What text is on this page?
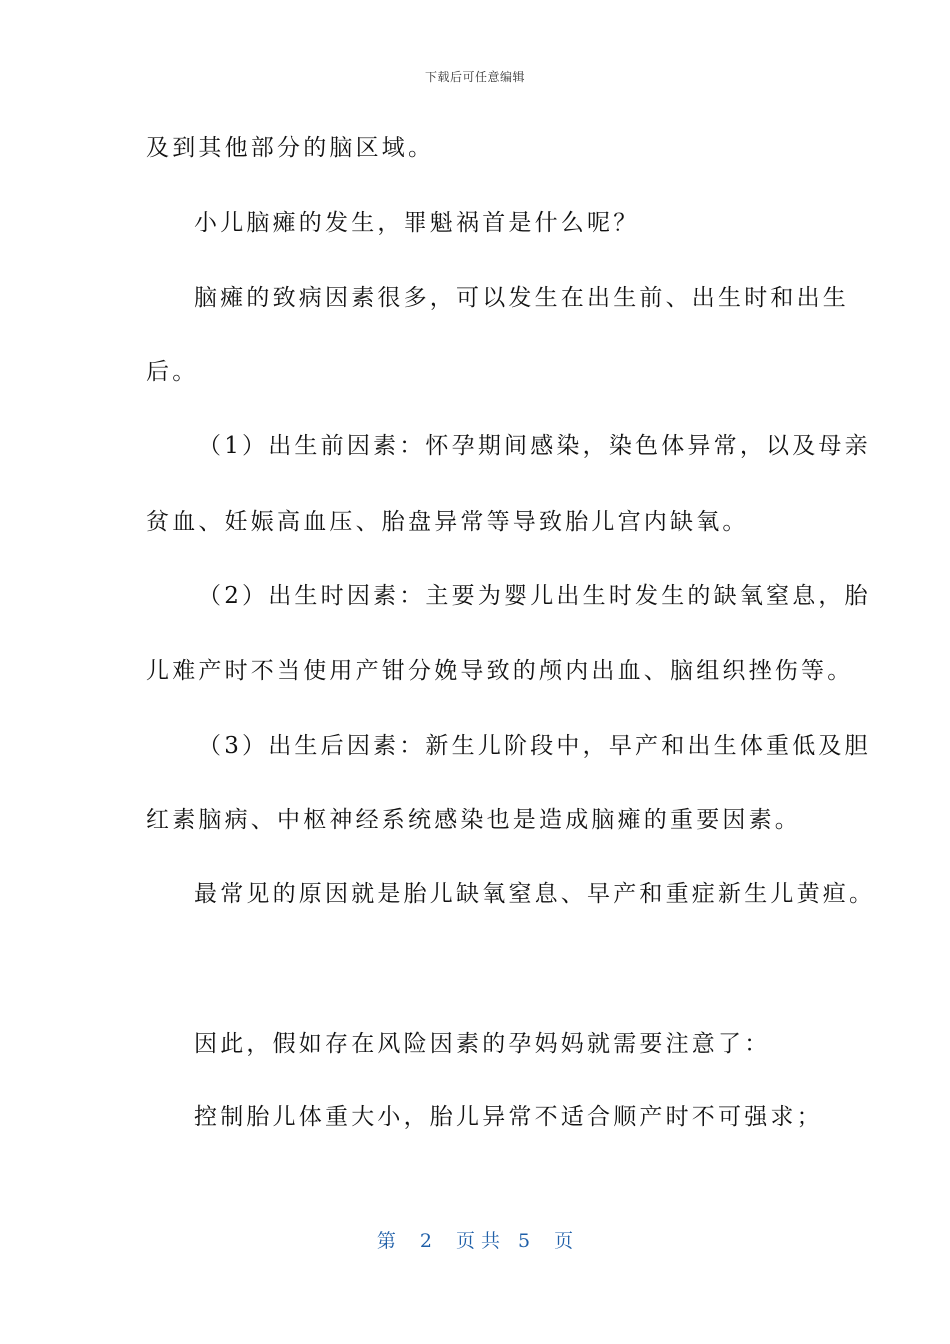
下载后可任意编辑
及到其他部分的脑区域。
小儿脑瘫的发生，罪魁祸首是什么呢？
脑瘫的致病因素很多，可以发生在出生前、出生时和出生
后。
（1）出生前因素：怀孕期间感染，染色体异常，以及母亲
贫血、妊娠高血压、胎盘异常等导致胎儿宫内缺氧。
（2）出生时因素：主要为婴儿出生时发生的缺氧窒息，胎
儿难产时不当使用产钳分娩导致的颅内出血、脑组织挫伤等。
（3）出生后因素：新生儿阶段中，早产和出生体重低及胆
红素脑病、中枢神经系统感染也是造成脑瘫的重要因素。
最常见的原因就是胎儿缺氧窒息、早产和重症新生儿黄疸。
因此，假如存在风险因素的孕妈妈就需要注意了：
控制胎儿体重大小，胎儿异常不适合顺产时不可强求；
第 2 页共 5 页
